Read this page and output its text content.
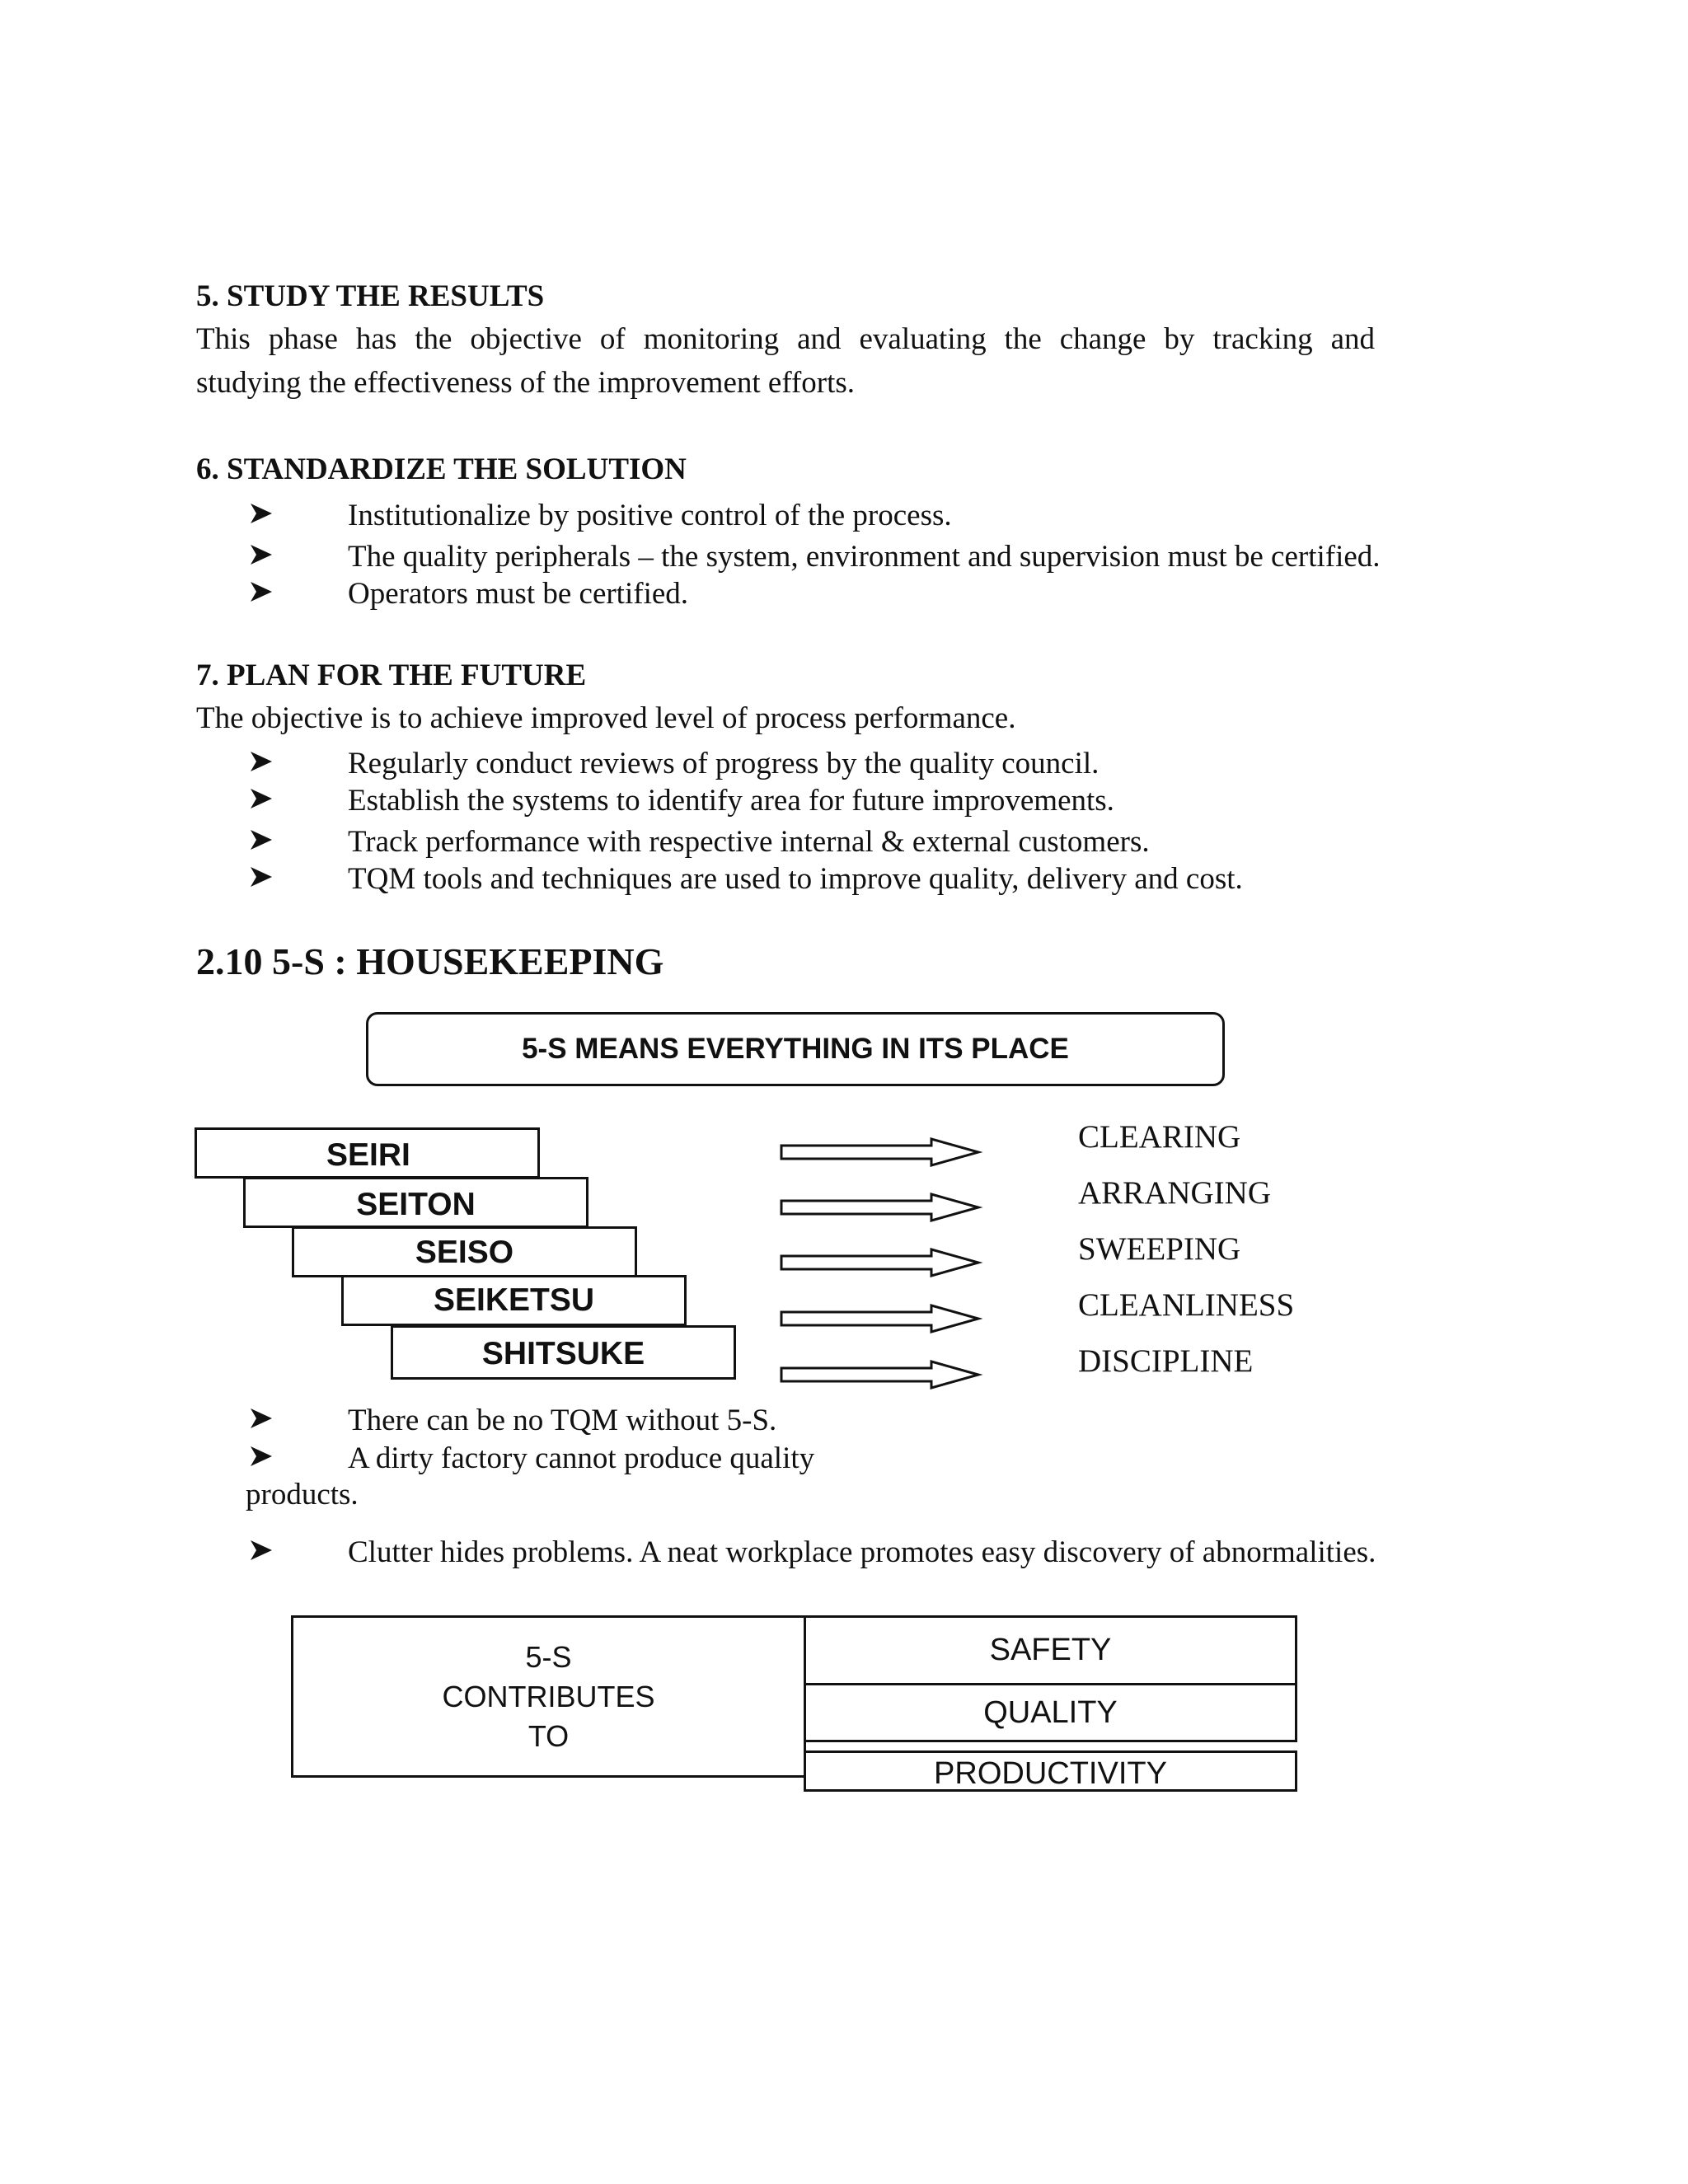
5. STUDY THE RESULTS
This phase has the objective of monitoring and evaluating the change by tracking and
studying the effectiveness of the improvement efforts.
6. STANDARDIZE THE SOLUTION
Institutionalize by positive control of the process.
The quality peripherals – the system, environment and supervision must be certified.
Operators must be certified.
7. PLAN FOR THE FUTURE
The objective is to achieve improved level of process performance.
Regularly conduct reviews of progress by the quality council.
Establish the systems to identify area for future improvements.
Track performance with respective internal & external customers.
TQM tools and techniques are used to improve quality, delivery and cost.
2.10 5-S : HOUSEKEEPING
5-S MEANS EVERYTHING IN ITS PLACE
SEIRI
SEITON
SEISO
SEIKETSU
SHITSUKE
CLEARING
ARRANGING
SWEEPING
CLEANLINESS
DISCIPLINE
There can be no TQM without 5-S.
A dirty factory cannot produce quality
products.
Clutter hides problems. A neat workplace promotes easy discovery of abnormalities.
5-S
CONTRIBUTES
TO
SAFETY
QUALITY
PRODUCTIVITY
